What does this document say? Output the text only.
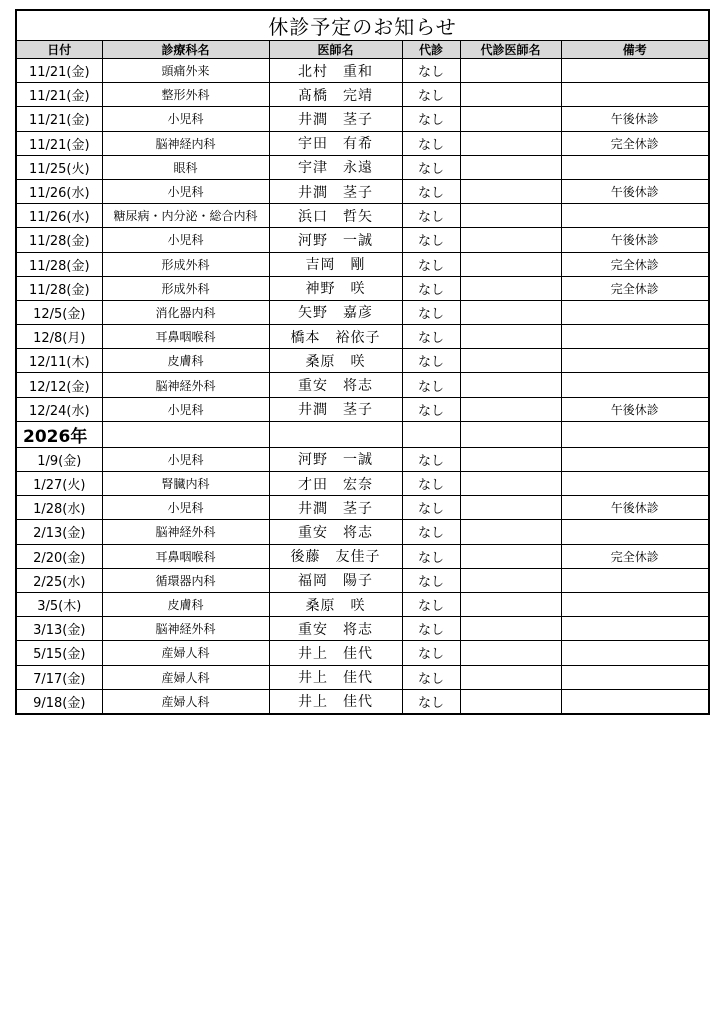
休診予定のお知らせ					
日付	診療科名	医師名	代診	代診医師名	備考
11/21(金)	頭痛外来	北村　重和	なし		
11/21(金)	整形外科	髙橋　完靖	なし		
11/21(金)	小児科	井澗　茎子	なし		午後休診
11/21(金)	脳神経内科	宇田　有希	なし		完全休診
11/25(火)	眼科	宇津　永遠	なし		
11/26(水)	小児科	井澗　茎子	なし		午後休診
11/26(水)	糖尿病・内分泌・総合内科	浜口　哲矢	なし		
11/28(金)	小児科	河野　一誠	なし		午後休診
11/28(金)	形成外科	吉岡　剛	なし		完全休診
11/28(金)	形成外科	神野　咲	なし		完全休診
12/5(金)	消化器内科	矢野　嘉彦	なし		
12/8(月)	耳鼻咽喉科	橋本　裕依子	なし		
12/11(木)	皮膚科	桑原　咲	なし		
12/12(金)	脳神経外科	重安　将志	なし		
12/24(水)	小児科	井澗　茎子	なし		午後休診
2026年					
1/9(金)	小児科	河野　一誠	なし		
1/27(火)	腎臓内科	才田　宏奈	なし		
1/28(水)	小児科	井澗　茎子	なし		午後休診
2/13(金)	脳神経外科	重安　将志	なし		
2/20(金)	耳鼻咽喉科	後藤　友佳子	なし		完全休診
2/25(水)	循環器内科	福岡　陽子	なし		
3/5(木)	皮膚科	桑原　咲	なし		
3/13(金)	脳神経外科	重安　将志	なし		
5/15(金)	産婦人科	井上　佳代	なし		
7/17(金)	産婦人科	井上　佳代	なし		
9/18(金)	産婦人科	井上　佳代	なし		
